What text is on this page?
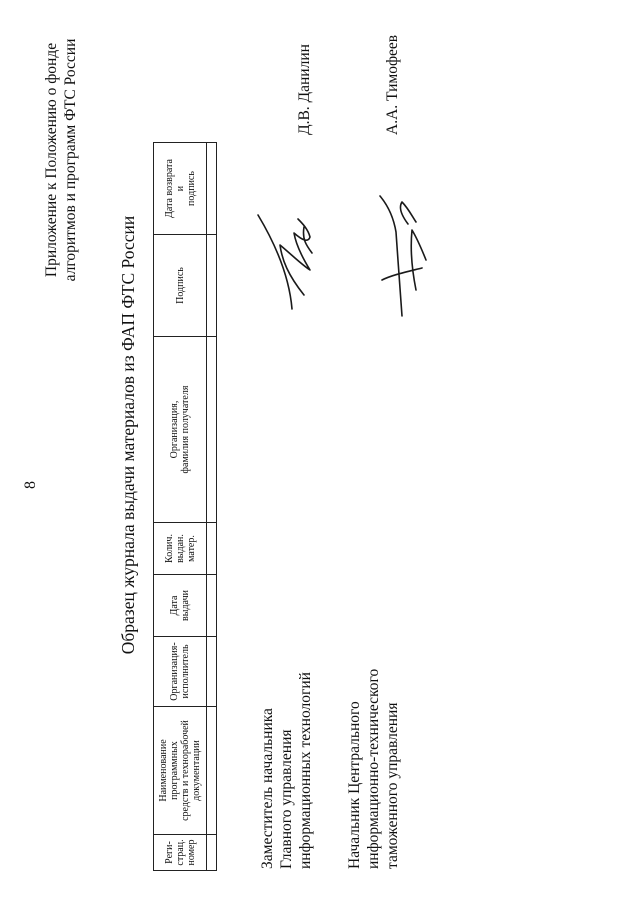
8
Приложение к Положению о фонде алгоритмов и программ ФТС России
Образец журнала выдачи материалов из ФАП ФТС России
Реги-
страц.
номер	Наименование программных
средств и технорабочей
документации	Организация-
исполнитель	Дата
выдачи	Колич.
выдан.
матер.	Организация,
фамилия получателя	Подпись	Дата возврата
и
подпись

Заместитель начальника Главного управления информационных технологий
Д.В. Данилин
Начальник Центрального информационно-технического таможенного управления
А.А. Тимофеев
